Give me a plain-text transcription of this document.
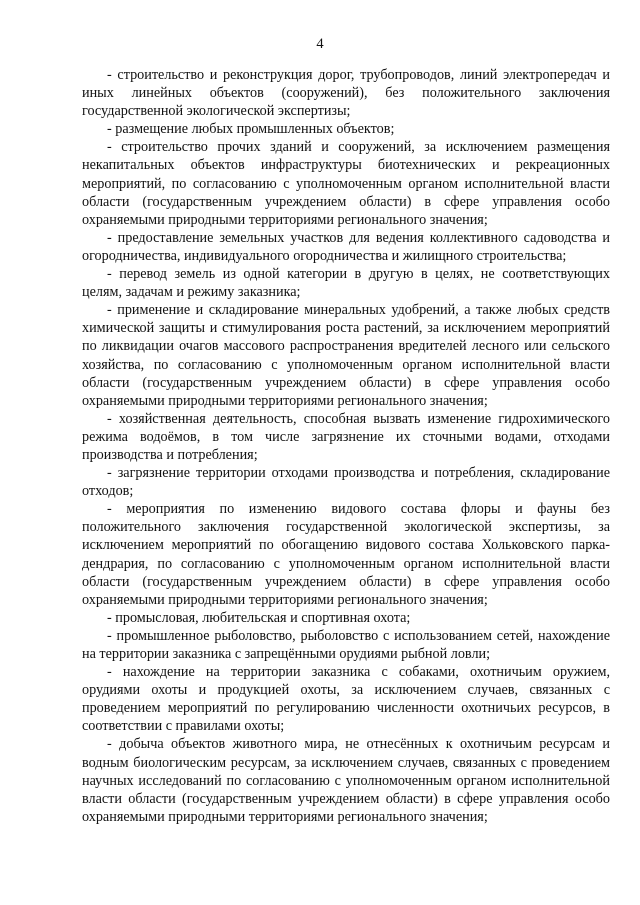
4

- строительство и реконструкция дорог, трубопроводов, линий электропередач и иных линейных объектов (сооружений), без положительного заключения государственной экологической экспертизы;

- размещение любых промышленных объектов;

- строительство прочих зданий и сооружений, за исключением размещения некапитальных объектов инфраструктуры биотехнических и рекреационных мероприятий, по согласованию с уполномоченным органом исполнительной власти области (государственным учреждением области) в сфере управления особо охраняемыми природными территориями регионального значения;

- предоставление земельных участков для ведения коллективного садоводства и огородничества, индивидуального огородничества и жилищного строительства;

- перевод земель из одной категории в другую в целях, не соответствующих целям, задачам и режиму заказника;

- применение и складирование минеральных удобрений, а также любых средств химической защиты и стимулирования роста растений, за исключением мероприятий по ликвидации очагов массового распространения вредителей лесного или сельского хозяйства, по согласованию с уполномоченным органом исполнительной власти области (государственным учреждением области) в сфере управления особо охраняемыми природными территориями регионального значения;

- хозяйственная деятельность, способная вызвать изменение гидрохимического режима водоёмов, в том числе загрязнение их сточными водами, отходами производства и потребления;

- загрязнение территории отходами производства и потребления, складирование отходов;

- мероприятия по изменению видового состава флоры и фауны без положительного заключения государственной экологической экспертизы, за исключением мероприятий по обогащению видового состава Хольковского парка-дендрария, по согласованию с уполномоченным органом исполнительной власти области (государственным учреждением области) в сфере управления особо охраняемыми природными территориями регионального значения;

- промысловая, любительская и спортивная охота;

- промышленное рыболовство, рыболовство с использованием сетей, нахождение на территории заказника с запрещёнными орудиями рыбной ловли;

- нахождение на территории заказника с собаками, охотничьим оружием, орудиями охоты и продукцией охоты, за исключением случаев, связанных с проведением мероприятий по регулированию численности охотничьих ресурсов, в соответствии с правилами охоты;

- добыча объектов животного мира, не отнесённых к охотничьим ресурсам и водным биологическим ресурсам, за исключением случаев, связанных с проведением научных исследований по согласованию с уполномоченным органом исполнительной власти области (государственным учреждением области) в сфере управления особо охраняемыми природными территориями регионального значения;
